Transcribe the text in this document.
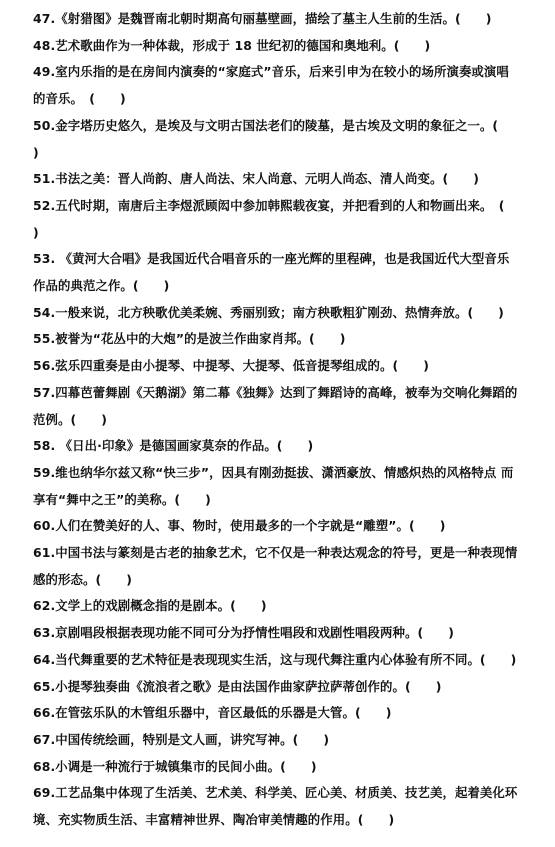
47.《射猎图》是魏晋南北朝时期高句丽墓壁画，描绘了墓主人生前的生活。(　　)

48.艺术歌曲作为一种体裁，形成于 18 世纪初的德国和奥地利。(　　)

49.室内乐指的是在房间内演奏的“家庭式”音乐，后来引申为在较小的场所演奏或演唱的音乐。　(　　)

50.金字塔历史悠久，是埃及与文明古国法老们的陵墓，是古埃及文明的象征之一。(　　)

51.书法之美：晋人尚韵、唐人尚法、宋人尚意、元明人尚态、清人尚变。(　　)

52.五代时期，南唐后主李煜派顾闳中参加韩熙载夜宴，并把看到的人和物画出来。　(　　)

53. 《黄河大合唱》是我国近代合唱音乐的一座光辉的里程碑，也是我国近代大型音乐 作品的典范之作。(　　)

54.一般来说，北方秧歌优美柔婉、秀丽别致；南方秧歌粗犷刚劲、热情奔放。(　　)

55.被誉为“花丛中的大炮”的是波兰作曲家肖邦。(　　)

56.弦乐四重奏是由小提琴、中提琴、大提琴、低音提琴组成的。(　　)

57.四幕芭蕾舞剧《天鹅湖》第二幕《独舞》达到了舞蹈诗的高峰，被奉为交响化舞蹈的范例。(　　)

58. 《日出·印象》是德国画家莫奈的作品。(　　)

59.维也纳华尔兹又称“快三步”，因具有刚劲挺拔、潇洒豪放、情感炽热的风格特点 而享有“舞中之王”的美称。(　　)

60.人们在赞美好的人、事、物时，使用最多的一个字就是“雕塑”。(　　)

61.中国书法与篆刻是古老的抽象艺术，它不仅是一种表达观念的符号，更是一种表现情感的形态。(　　)

62.文学上的戏剧概念指的是剧本。(　　)

63.京剧唱段根据表现功能不同可分为抒情性唱段和戏剧性唱段两种。(　　)

64.当代舞重要的艺术特征是表现现实生活，这与现代舞注重内心体验有所不同。(　　)

65.小提琴独奏曲《流浪者之歌》是由法国作曲家萨拉萨蒂创作的。(　　)

66.在管弦乐队的木管组乐器中，音区最低的乐器是大管。(　　)

67.中国传统绘画，特别是文人画，讲究写神。(　　)

68.小调是一种流行于城镇集市的民间小曲。(　　)

69.工艺品集中体现了生活美、艺术美、科学美、匠心美、材质美、技艺美，起着美化环境、充实物质生活、丰富精神世界、陶冶审美情趣的作用。(　　)
